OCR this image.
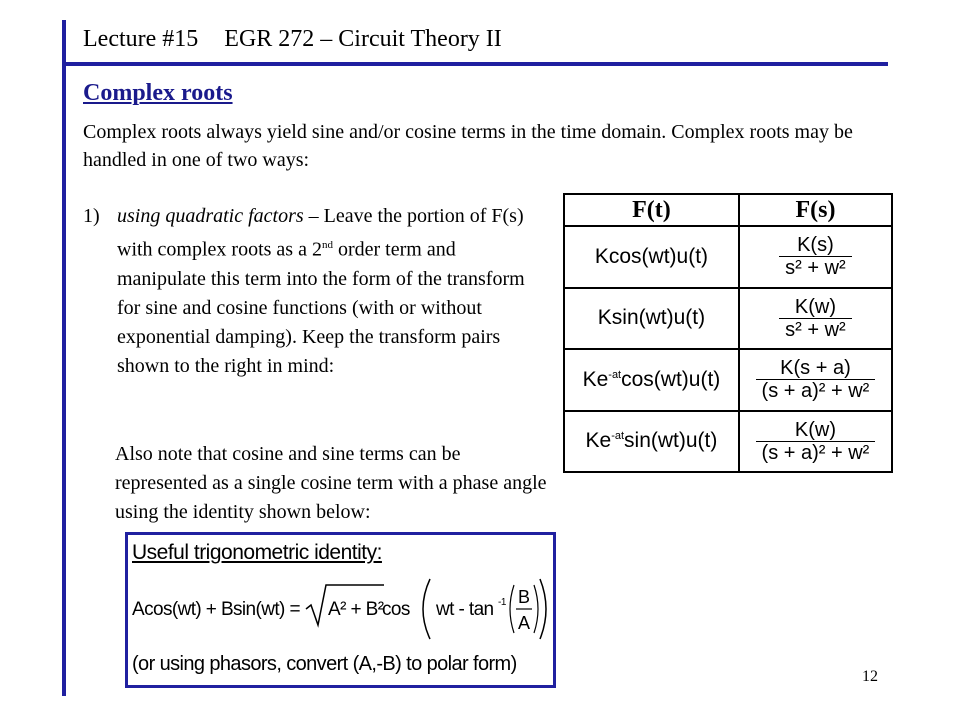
Lecture #15 EGR 272 – Circuit Theory II
Complex roots
Complex roots always yield sine and/or cosine terms in the time domain. Complex roots may be handled in one of two ways:
1) using quadratic factors – Leave the portion of F(s) with complex roots as a 2nd order term and manipulate this term into the form of the transform for sine and cosine functions (with or without exponential damping). Keep the transform pairs shown to the right in mind:
Also note that cosine and sine terms can be represented as a single cosine term with a phase angle using the identity shown below:
F(t)	F(s)
Kcos(wt)u(t)	$\frac{K(s)}{\text{s² + w²}}$

Ksin(wt)u(t)	$\frac{K(w)}{\text{s² + w²}}$

$Ke^{-at}\cos(wt)u(t)$	$\frac{K(s + a)}{\text{(s + a)² + w²}}$

$Ke^{-at}\sin(wt)u(t)$	$\frac{K(w)}{\text{(s + a)² + w²}}$
Useful trigonometric identity:
Acos(wt) + Bsin(wt) = A² + B²
cos wt - tan -1 B
A
(or using phasors, convert (A,-B) to polar form)
12
